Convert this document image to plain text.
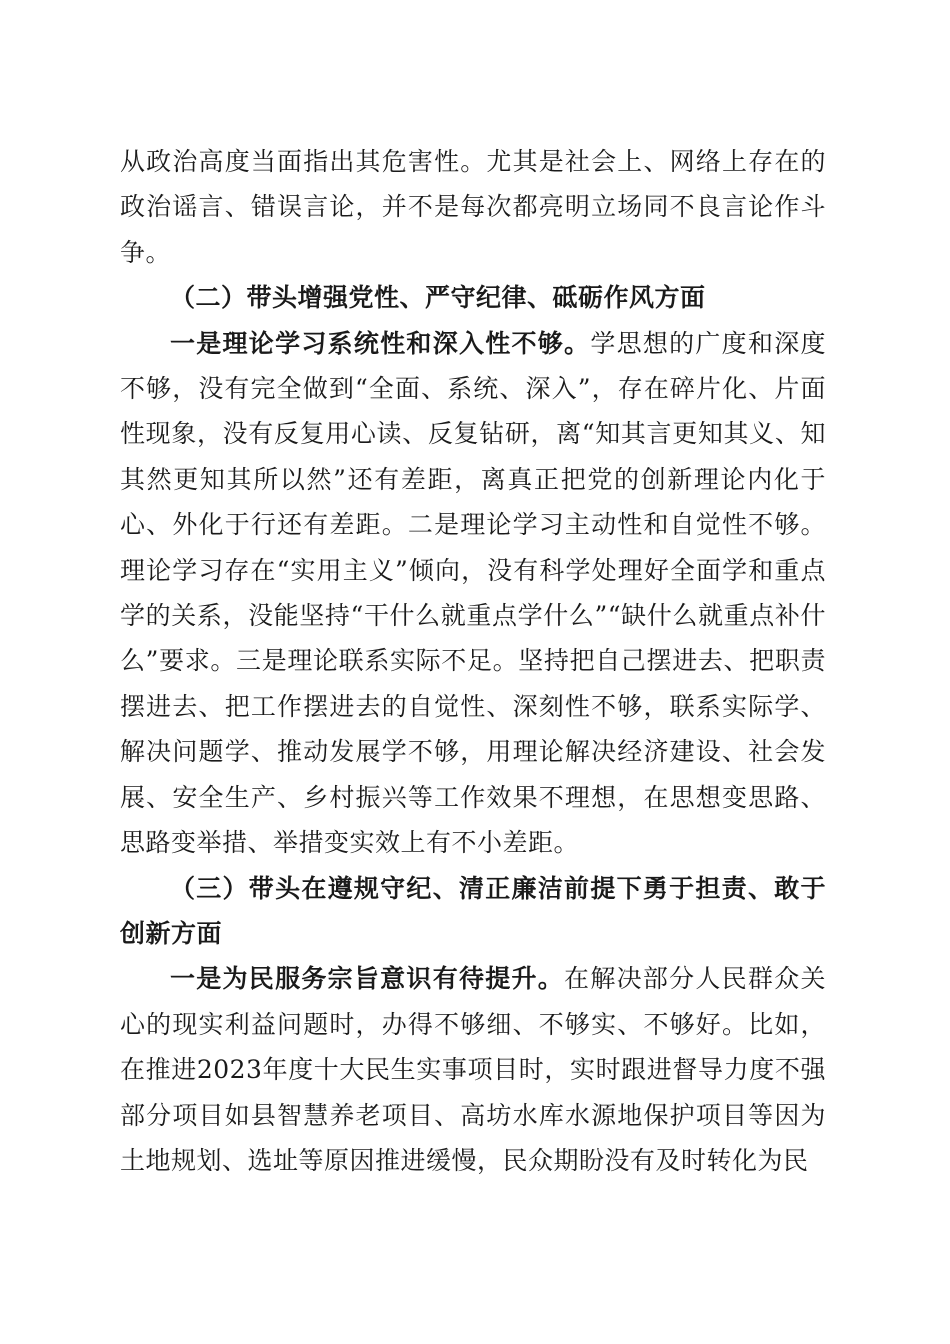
从政治高度当面指出其危害性。尤其是社会上、网络上存在的政治谣言、错误言论，并不是每次都亮明立场同不良言论作斗争。

（二）带头增强党性、严守纪律、砥砺作风方面

一是理论学习系统性和深入性不够。学思想的广度和深度不够，没有完全做到“全面、系统、深入”，存在碎片化、片面性现象，没有反复用心读、反复钻研，离“知其言更知其义、知其然更知其所以然”还有差距，离真正把党的创新理论内化于心、外化于行还有差距。二是理论学习主动性和自觉性不够。理论学习存在“实用主义”倾向，没有科学处理好全面学和重点学的关系，没能坚持“干什么就重点学什么”“缺什么就重点补什么”要求。三是理论联系实际不足。坚持把自己摆进去、把职责摆进去、把工作摆进去的自觉性、深刻性不够，联系实际学、解决问题学、推动发展学不够，用理论解决经济建设、社会发展、安全生产、乡村振兴等工作效果不理想，在思想变思路、思路变举措、举措变实效上有不小差距。

（三）带头在遵规守纪、清正廉洁前提下勇于担责、敢于创新方面

一是为民服务宗旨意识有待提升。在解决部分人民群众关心的现实利益问题时，办得不够细、不够实、不够好。比如，在推进2023年度十大民生实事项目时，实时跟进督导力度不强部分项目如县智慧养老项目、高坊水库水源地保护项目等因为土地规划、选址等原因推进缓慢，民众期盼没有及时转化为民
